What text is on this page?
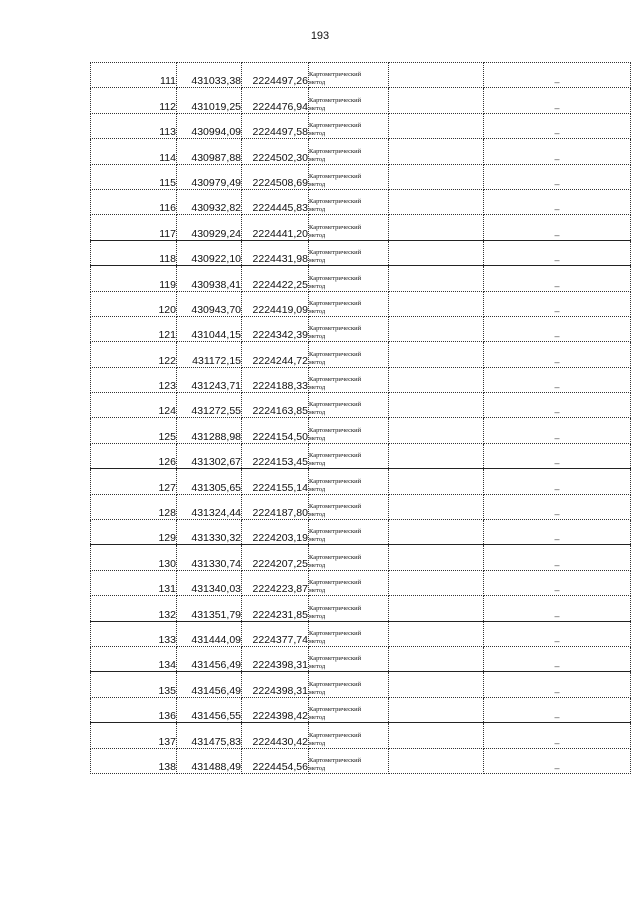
193
111	431033,38	2224497,26	Картометрический
метод		–
112	431019,25	2224476,94	Картометрический
метод		–
113	430994,09	2224497,58	Картометрический
метод		–
114	430987,88	2224502,30	Картометрический
метод		–
115	430979,49	2224508,69	Картометрический
метод		–
116	430932,82	2224445,83	Картометрический
метод		–
117	430929,24	2224441,20	Картометрический
метод		–
118	430922,10	2224431,98	Картометрический
метод		–
119	430938,41	2224422,25	Картометрический
метод		–
120	430943,70	2224419,09	Картометрический
метод		–
121	431044,15	2224342,39	Картометрический
метод		–
122	431172,15	2224244,72	Картометрический
метод		–
123	431243,71	2224188,33	Картометрический
метод		–
124	431272,55	2224163,85	Картометрический
метод		–
125	431288,98	2224154,50	Картометрический
метод		–
126	431302,67	2224153,45	Картометрический
метод		–
127	431305,65	2224155,14	Картометрический
метод		–
128	431324,44	2224187,80	Картометрический
метод		–
129	431330,32	2224203,19	Картометрический
метод		–
130	431330,74	2224207,25	Картометрический
метод		–
131	431340,03	2224223,87	Картометрический
метод		–
132	431351,79	2224231,85	Картометрический
метод		–
133	431444,09	2224377,74	Картометрический
метод		–
134	431456,49	2224398,31	Картометрический
метод		–
135	431456,49	2224398,31	Картометрический
метод		–
136	431456,55	2224398,42	Картометрический
метод		–
137	431475,83	2224430,42	Картометрический
метод		–
138	431488,49	2224454,56	Картометрический
метод		–
